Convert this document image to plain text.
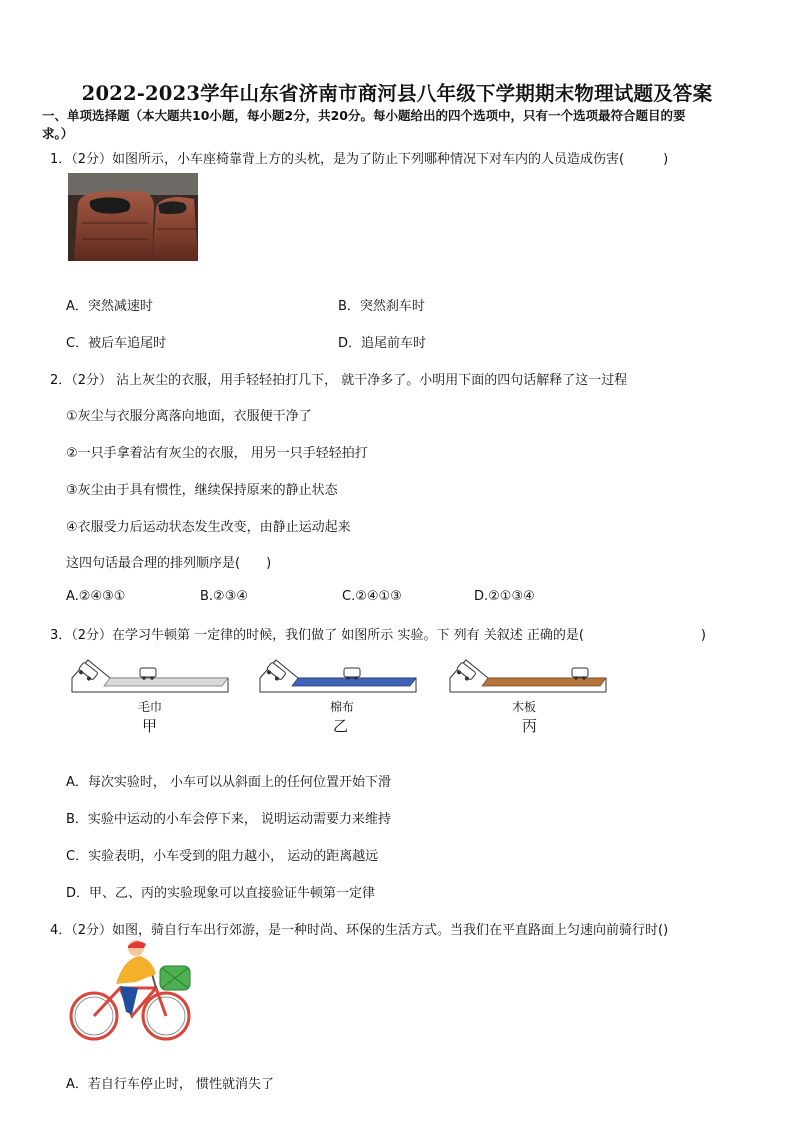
2022-2023学年山东省济南市商河县八年级下学期期末物理试题及答案
一、单项选择题（本大题共10小题，每小题2分，共20分。每小题给出的四个选项中，只有一个选项最符合题目的要
求。）
1．（2分）如图所示，小车座椅靠背上方的头枕，是为了防止下列哪种情况下对车内的人员造成伤害(　　　)
A．突然减速时	B．突然刹车时
C．被后车追尾时	D．追尾前车时
2．（2分） 沾上灰尘的衣服，用手轻轻拍打几下， 就干净多了。小明用下面的四句话解释了这一过程
①灰尘与衣服分离落向地面，衣服便干净了
②一只手拿着沾有灰尘的衣服， 用另一只手轻轻拍打
③灰尘由于具有惯性，继续保持原来的静止状态
④衣服受力后运动状态发生改变，由静止运动起来
这四句话最合理的排列顺序是(　　)
A.②④③①	B.②③④	C.②④①③	D.②①③④
3．（2分）在学习牛顿第 一定律的时候，我们做了 如图所示 实验。下 列有 关叙述 正确的是(　　　　　　　　　)
毛巾	棉布	木板
甲	乙	丙
A．每次实验时， 小车可以从斜面上的任何位置开始下滑
B．实验中运动的小车会停下来， 说明运动需要力来维持
C．实验表明，小车受到的阻力越小， 运动的距离越远
D．甲、乙、丙的实验现象可以直接验证牛顿第一定律
4．（2分）如图，骑自行车出行郊游，是一种时尚、环保的生活方式。当我们在平直路面上匀速向前骑行时()
A．若自行车停止时， 惯性就消失了
